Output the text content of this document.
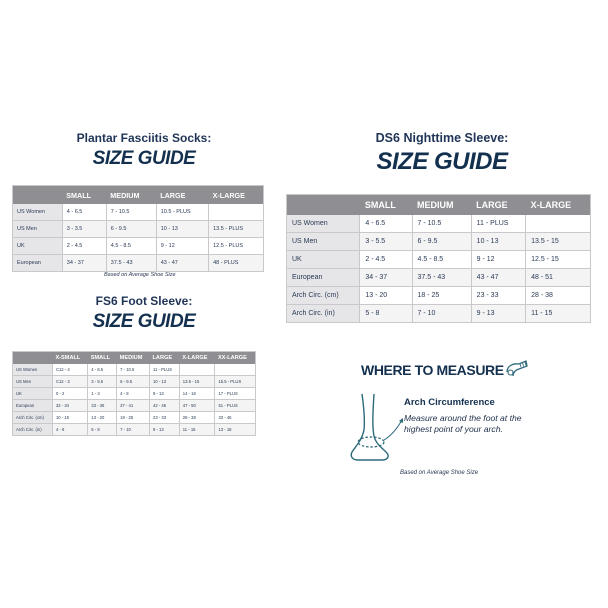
Plantar Fasciitis Socks:
SIZE GUIDE
	SMALL	MEDIUM	LARGE	X-LARGE
US Women	4 - 6.5	7 - 10.5	10.5 - PLUS	
US Men	3 - 3.5	6 - 9.5	10 - 13	13.5 - PLUS
UK	2 - 4.5	4.5 - 8.5	9 - 12	12.5 - PLUS
European	34 - 37	37.5 - 43	43 - 47	48 - PLUS
Based on Average Shoe Size
FS6 Foot Sleeve:
SIZE GUIDE
	X-SMALL	SMALL	MEDIUM	LARGE	X-LARGE	XX-LARGE
US Women	C12 - 4	4 - 6.5	7 - 10.5	11 - PLUS		
US Men	C12 - 3	3 - 5.5	6 - 9.5	10 - 13	13.5 - 15	15.5 - PLUS
UK	0 - 2	1 - 3	4 - 8	9 - 13	14 - 16	17 - PLUS
European	32 - 34	33 - 36	37 - 41	42 - 46	47 - 50	51 - PLUS
Arch Circ. (cm)	10 - 15	13 - 20	18 - 25	23 - 33	28 - 38	33 - 46
Arch Circ. (in)	4 - 6	5 - 8	7 - 10	9 - 13	11 - 15	13 - 18
DS6 Nighttime Sleeve:
SIZE GUIDE
	SMALL	MEDIUM	LARGE	X-LARGE
US Women	4 - 6.5	7 - 10.5	11 - PLUS	
US Men	3 - 5.5	6 - 9.5	10 - 13	13.5 - 15
UK	2 - 4.5	4.5 - 8.5	9 - 12	12.5 - 15
European	34 - 37	37.5 - 43	43 - 47	48 - 51
Arch Circ. (cm)	13 - 20	18 - 25	23 - 33	28 - 38
Arch Circ. (in)	5 - 8	7 - 10	9 - 13	11 - 15
WHERE TO MEASURE
Arch Circumference
Measure around the foot at the highest point of your arch.
Based on Average Shoe Size
